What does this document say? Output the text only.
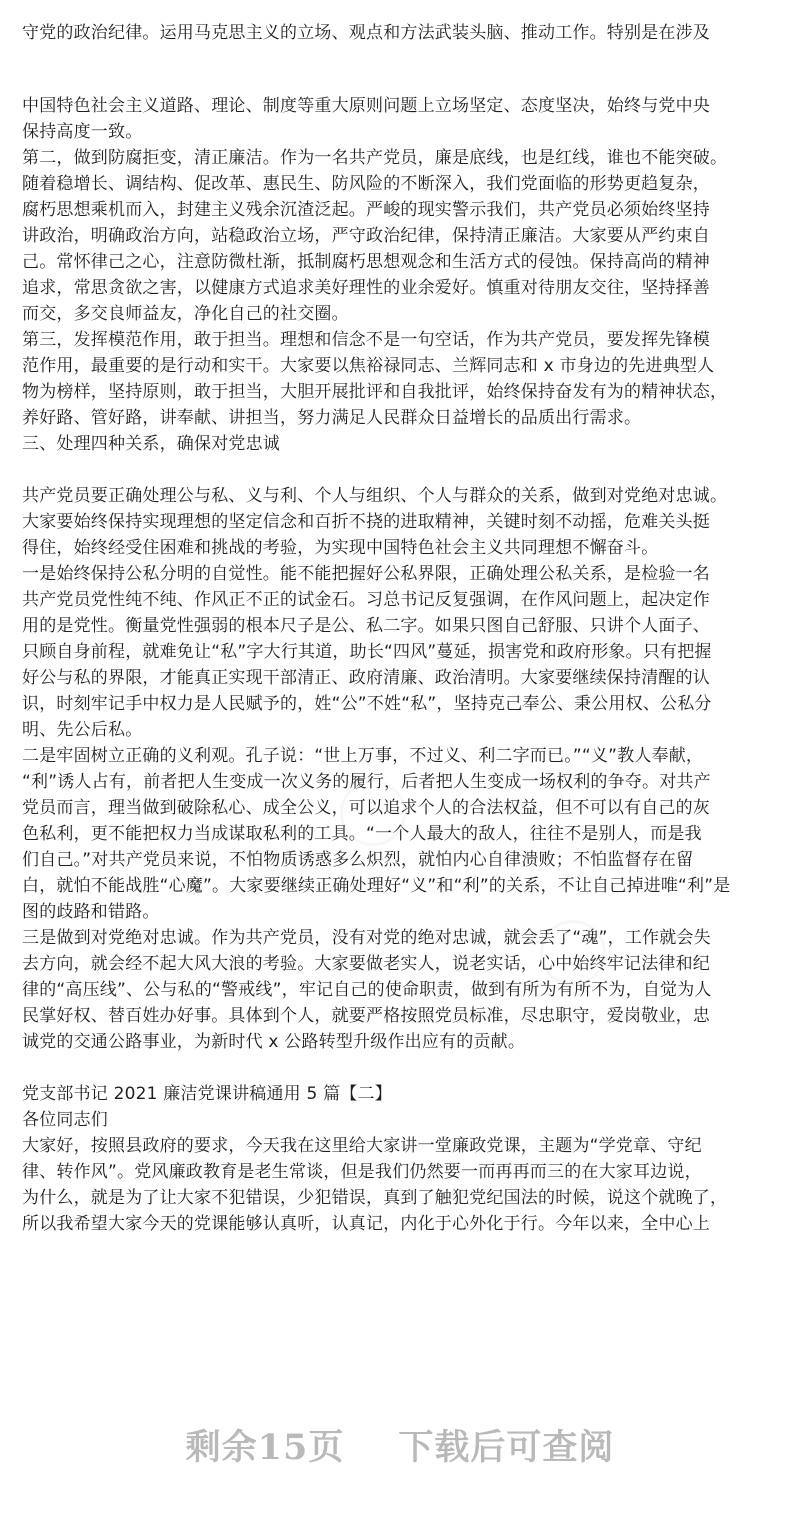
守党的政治纪律。运用马克思主义的立场、观点和方法武装头脑、推动工作。特别是在涉及

中国特色社会主义道路、理论、制度等重大原则问题上立场坚定、态度坚决，始终与党中央

保持高度一致。

第二，做到防腐拒变，清正廉洁。作为一名共产党员，廉是底线，也是红线，谁也不能突破。

随着稳增长、调结构、促改革、惠民生、防风险的不断深入，我们党面临的形势更趋复杂，

腐朽思想乘机而入，封建主义残余沉渣泛起。严峻的现实警示我们，共产党员必须始终坚持

讲政治，明确政治方向，站稳政治立场，严守政治纪律，保持清正廉洁。大家要从严约束自

己。常怀律己之心，注意防微杜渐，抵制腐朽思想观念和生活方式的侵蚀。保持高尚的精神

追求，常思贪欲之害，以健康方式追求美好理性的业余爱好。慎重对待朋友交往，坚持择善

而交，多交良师益友，净化自己的社交圈。

第三，发挥模范作用，敢于担当。理想和信念不是一句空话，作为共产党员，要发挥先锋模

范作用，最重要的是行动和实干。大家要以焦裕禄同志、兰辉同志和 x 市身边的先进典型人

物为榜样，坚持原则，敢于担当，大胆开展批评和自我批评，始终保持奋发有为的精神状态，

养好路、管好路，讲奉献、讲担当，努力满足人民群众日益增长的品质出行需求。

三、处理四种关系，确保对党忠诚

共产党员要正确处理公与私、义与利、个人与组织、个人与群众的关系，做到对党绝对忠诚。

大家要始终保持实现理想的坚定信念和百折不挠的进取精神，关键时刻不动摇，危难关头挺

得住，始终经受住困难和挑战的考验，为实现中国特色社会主义共同理想不懈奋斗。

一是始终保持公私分明的自觉性。能不能把握好公私界限，正确处理公私关系，是检验一名

共产党员党性纯不纯、作风正不正的试金石。习总书记反复强调，在作风问题上，起决定作

用的是党性。衡量党性强弱的根本尺子是公、私二字。如果只图自己舒服、只讲个人面子、

只顾自身前程，就难免让“私”字大行其道，助长“四风”蔓延，损害党和政府形象。只有把握

好公与私的界限，才能真正实现干部清正、政府清廉、政治清明。大家要继续保持清醒的认

识，时刻牢记手中权力是人民赋予的，姓“公”不姓“私”，坚持克己奉公、秉公用权、公私分

明、先公后私。

二是牢固树立正确的义利观。孔子说：“世上万事，不过义、利二字而已。”“义”教人奉献，

“利”诱人占有，前者把人生变成一次义务的履行，后者把人生变成一场权利的争夺。对共产

党员而言，理当做到破除私心、成全公义，可以追求个人的合法权益，但不可以有自己的灰

色私利，更不能把权力当成谋取私利的工具。“一个人最大的敌人，往往不是别人，而是我

们自己。”对共产党员来说，不怕物质诱惑多么炽烈，就怕内心自律溃败；不怕监督存在留

白，就怕不能战胜“心魔”。大家要继续正确处理好“义”和“利”的关系，不让自己掉进唯“利”是

图的歧路和错路。

三是做到对党绝对忠诚。作为共产党员，没有对党的绝对忠诚，就会丢了“魂”，工作就会失

去方向，就会经不起大风大浪的考验。大家要做老实人，说老实话，心中始终牢记法律和纪

律的“高压线”、公与私的“警戒线”，牢记自己的使命职责，做到有所为有所不为，自觉为人

民掌好权、替百姓办好事。具体到个人，就要严格按照党员标准，尽忠职守，爱岗敬业，忠

诚党的交通公路事业，为新时代 x 公路转型升级作出应有的贡献。

党支部书记 2021 廉洁党课讲稿通用 5 篇【二】

各位同志们

大家好，按照县政府的要求，今天我在这里给大家讲一堂廉政党课，主题为“学党章、守纪

律、转作风”。党风廉政教育是老生常谈，但是我们仍然要一而再再而三的在大家耳边说，

为什么，就是为了让大家不犯错误，少犯错误，真到了触犯党纪国法的时候，说这个就晚了，

所以我希望大家今天的党课能够认真听，认真记，内化于心外化于行。今年以来，全中心上

剩余15页 下载后可查阅
